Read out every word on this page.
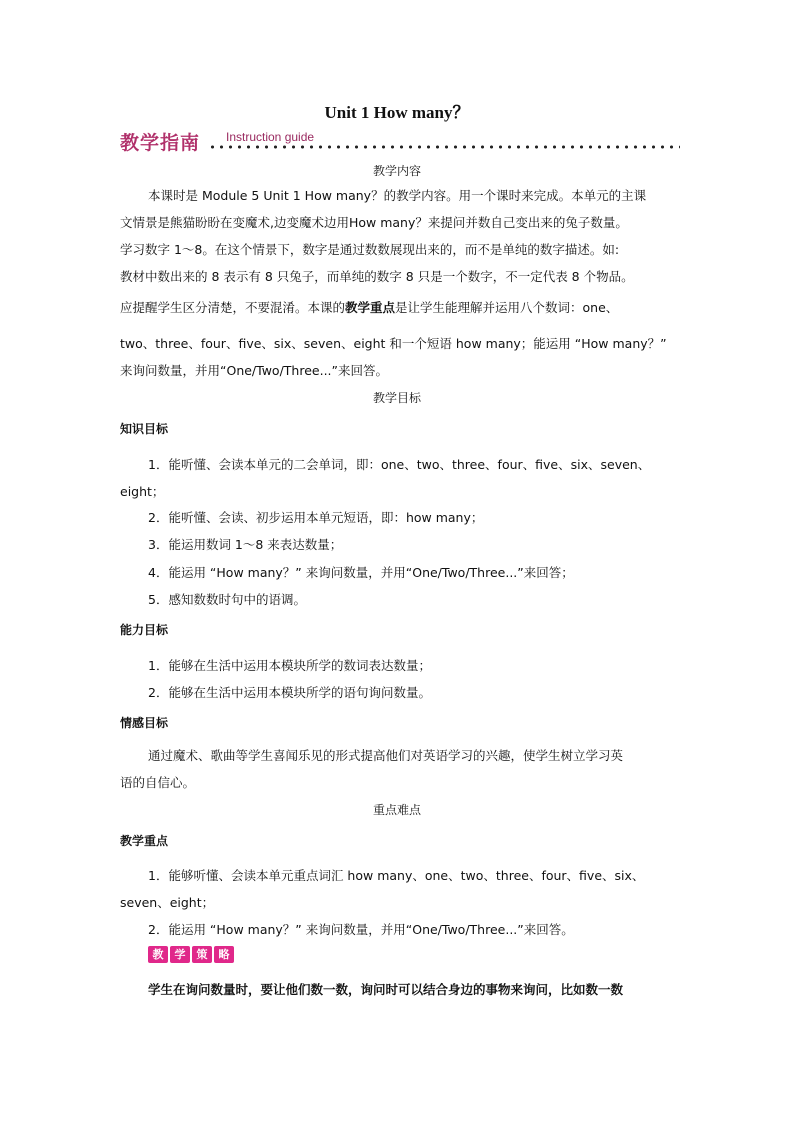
Unit 1 How many？
教学指南 Instruction guide
教学内容
本课时是 Module 5 Unit 1 How many？的教学内容。用一个课时来完成。本单元的主课
文情景是熊猫盼盼在变魔术,边变魔术边用How many？来提问并数自己变出来的兔子数量。
学习数字 1～8。在这个情景下，数字是通过数数展现出来的，而不是单纯的数字描述。如:
教材中数出来的 8 表示有 8 只兔子，而单纯的数字 8 只是一个数字，不一定代表 8 个物品。
应提醒学生区分清楚，不要混淆。本课的教学重点是让学生能理解并运用八个数词：one、
two、three、four、five、six、seven、eight 和一个短语 how many；能运用 “How many？”
来询问数量，并用“One/Two/Three...”来回答。
教学目标
知识目标
1．能听懂、会读本单元的二会单词，即：one、two、three、four、five、six、seven、
eight；
2．能听懂、会读、初步运用本单元短语，即：how many；
3．能运用数词 1～8 来表达数量；
4．能运用 “How many？” 来询问数量，并用“One/Two/Three...”来回答；
5．感知数数时句中的语调。
能力目标
1．能够在生活中运用本模块所学的数词表达数量；
2．能够在生活中运用本模块所学的语句询问数量。
情感目标
通过魔术、歌曲等学生喜闻乐见的形式提高他们对英语学习的兴趣，使学生树立学习英
语的自信心。
重点难点
教学重点
1．能够听懂、会读本单元重点词汇 how many、one、two、three、four、five、six、
seven、eight；
2．能运用 “How many？” 来询问数量，并用“One/Two/Three...”来回答。
教	学	策	略
学生在询问数量时，要让他们数一数，询问时可以结合身边的事物来询问，比如数一数
